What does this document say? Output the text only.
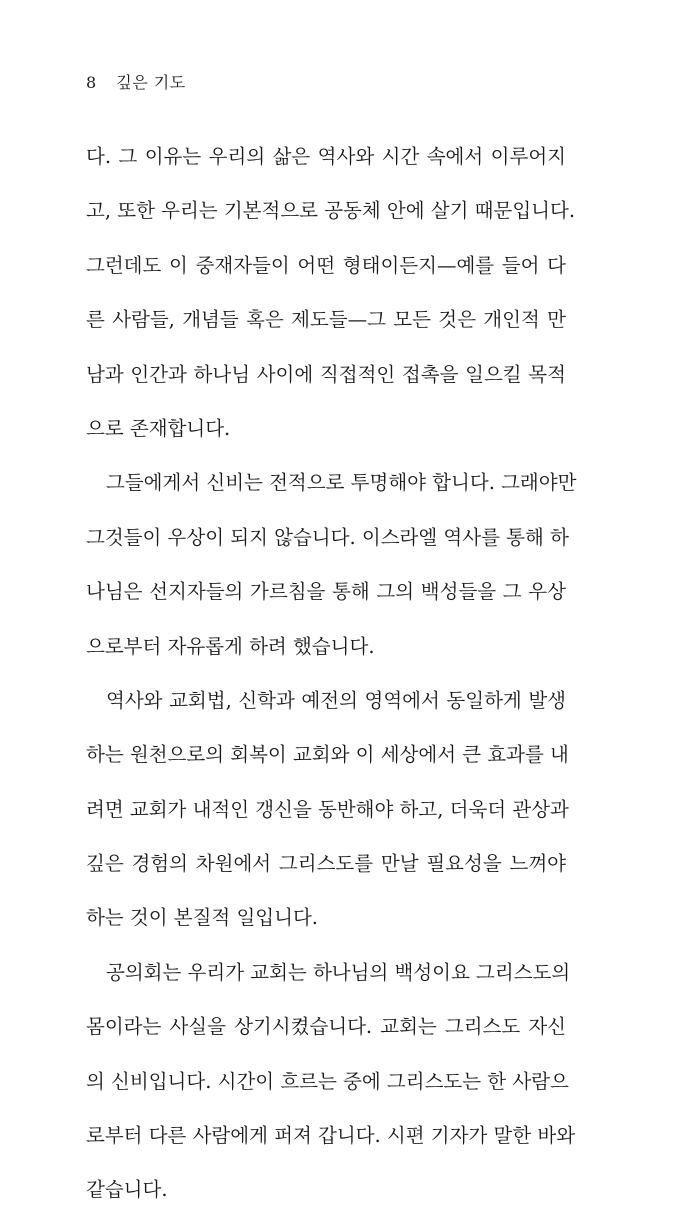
8 깊은 기도
다. 그 이유는 우리의 삶은 역사와 시간 속에서 이루어지
고, 또한 우리는 기본적으로 공동체 안에 살기 때문입니다.
그런데도 이 중재자들이 어떤 형태이든지—예를 들어 다
른 사람들, 개념들 혹은 제도들—그 모든 것은 개인적 만
남과 인간과 하나님 사이에 직접적인 접촉을 일으킬 목적
으로 존재합니다.
그들에게서 신비는 전적으로 투명해야 합니다. 그래야만
그것들이 우상이 되지 않습니다. 이스라엘 역사를 통해 하
나님은 선지자들의 가르침을 통해 그의 백성들을 그 우상
으로부터 자유롭게 하려 했습니다.
역사와 교회법, 신학과 예전의 영역에서 동일하게 발생
하는 원천으로의 회복이 교회와 이 세상에서 큰 효과를 내
려면 교회가 내적인 갱신을 동반해야 하고, 더욱더 관상과
깊은 경험의 차원에서 그리스도를 만날 필요성을 느껴야
하는 것이 본질적 일입니다.
공의회는 우리가 교회는 하나님의 백성이요 그리스도의
몸이라는 사실을 상기시켰습니다. 교회는 그리스도 자신
의 신비입니다. 시간이 흐르는 중에 그리스도는 한 사람으
로부터 다른 사람에게 퍼져 갑니다. 시편 기자가 말한 바와
같습니다.
